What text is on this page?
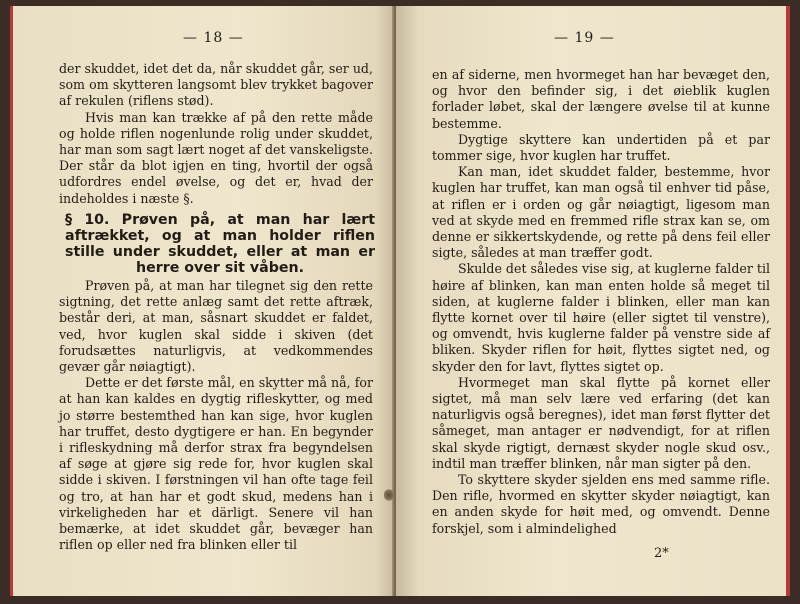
— 18 —

der skuddet, idet det da, når skuddet går, ser ud, som om skytteren langsomt blev trykket bagover af rekulen (riflens stød).

Hvis man kan trække af på den rette måde og holde riflen nogenlunde rolig under skuddet, har man som sagt lært noget af det vanskeligste. Der står da blot igjen en ting, hvortil der også udfordres endel øvelse, og det er, hvad der indeholdes i næste §.

§ 10. Prøven på, at man har lært aftrækket, og at man holder riflen stille under skuddet, eller at man er herre over sit våben.

Prøven på, at man har tilegnet sig den rette sigtning, det rette anlæg samt det rette aftræk, består deri, at man, såsnart skuddet er faldet, ved, hvor kuglen skal sidde i skiven (det forudsættes naturligvis, at vedkommendes gevær går nøiagtigt).

Dette er det første mål, en skytter må nå, for at han kan kaldes en dygtig rifleskytter, og med jo større bestemthed han kan sige, hvor kuglen har truffet, desto dygtigere er han. En begynder i rifleskydning må derfor strax fra begyndelsen af søge at gjøre sig rede for, hvor kuglen skal sidde i skiven. I førstningen vil han ofte tage feil og tro, at han har et godt skud, medens han i virkeligheden har et därligt. Senere vil han bemærke, at idet skuddet går, bevæger han riflen op eller ned fra blinken eller til

— 19 —

en af siderne, men hvormeget han har bevæget den, og hvor den befinder sig, i det øieblik kuglen forlader løbet, skal der længere øvelse til at kunne bestemme.

Dygtige skyttere kan undertiden på et par tommer sige, hvor kuglen har truffet.

Kan man, idet skuddet falder, bestemme, hvor kuglen har truffet, kan man også til enhver tid påse, at riflen er i orden og går nøiagtigt, ligesom man ved at skyde med en fremmed rifle strax kan se, om denne er sikkertskydende, og rette på dens feil eller sigte, således at man træffer godt.

Skulde det således vise sig, at kuglerne falder til høire af blinken, kan man enten holde så meget til siden, at kuglerne falder i blinken, eller man kan flytte kornet over til høire (eller sigtet til venstre), og omvendt, hvis kuglerne falder på venstre side af bliken. Skyder riflen for høit, flyttes sigtet ned, og skyder den for lavt, flyttes sigtet op.

Hvormeget man skal flytte på kornet eller sigtet, må man selv lære ved erfaring (det kan naturligvis også beregnes), idet man først flytter det såmeget, man antager er nødvendigt, for at riflen skal skyde rigtigt, dernæst skyder nogle skud osv., indtil man træffer blinken, når man sigter på den.

To skyttere skyder sjelden ens med samme rifle. Den rifle, hvormed en skytter skyder nøiagtigt, kan en anden skyde for høit med, og omvendt. Denne forskjel, som i almindelighed

2*
